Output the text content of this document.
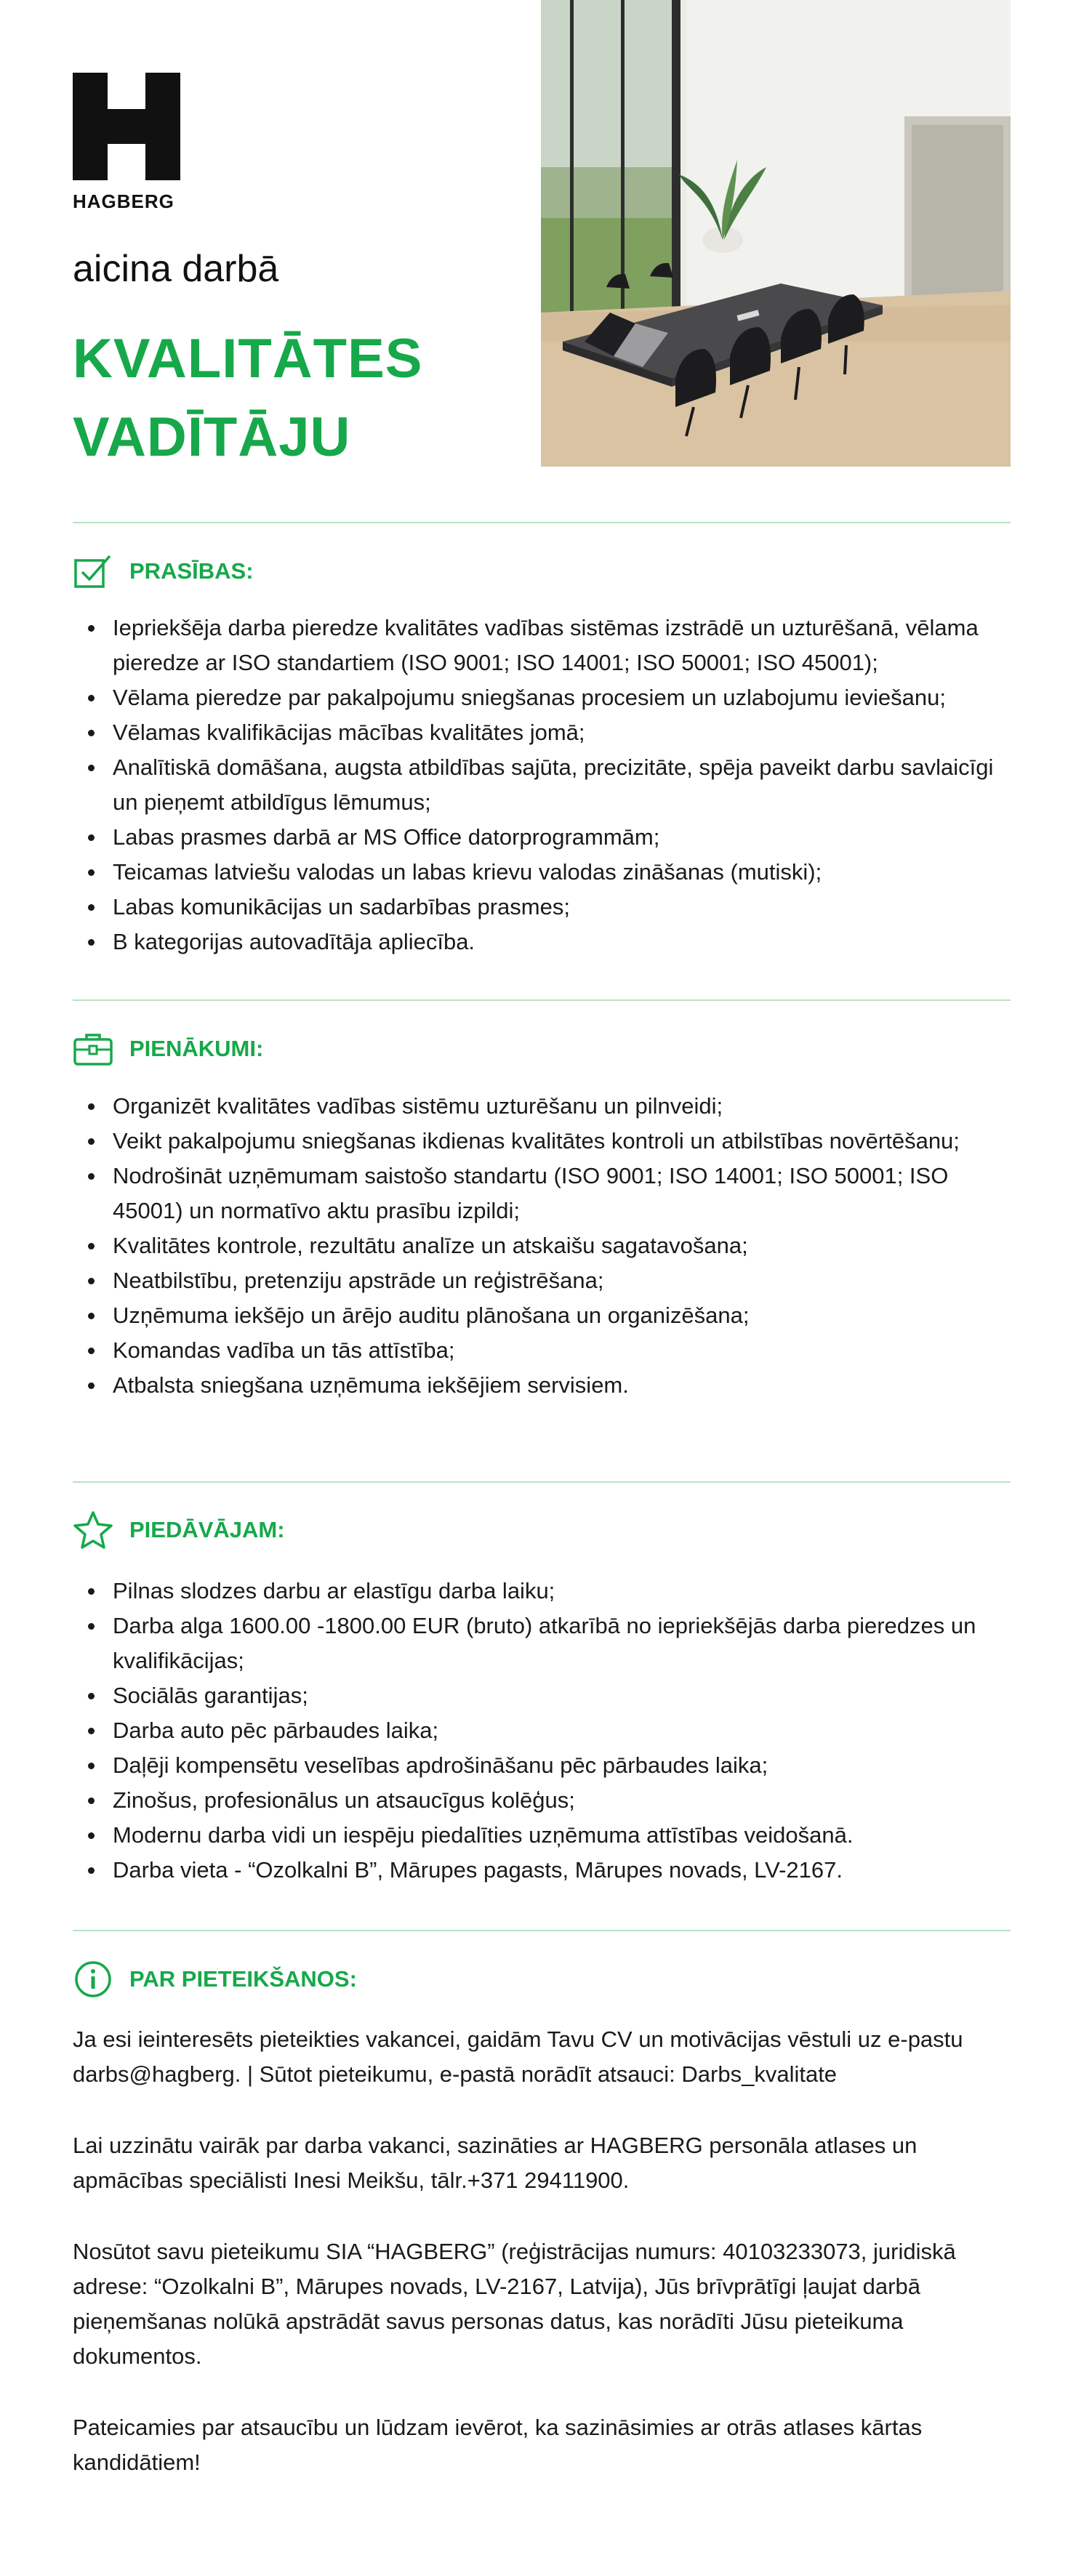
HAGBERG
aicina darbā
KVALITĀTES
VADĪTĀJU
PRASĪBAS:
Iepriekšēja darba pieredze kvalitātes vadības sistēmas izstrādē un uzturēšanā, vēlama pieredze ar ISO standartiem (ISO 9001; ISO 14001; ISO 50001; ISO 45001);
Vēlama pieredze par pakalpojumu sniegšanas procesiem un uzlabojumu ieviešanu;
Vēlamas kvalifikācijas mācības kvalitātes jomā;
Analītiskā domāšana, augsta atbildības sajūta, precizitāte, spēja paveikt darbu savlaicīgi un pieņemt atbildīgus lēmumus;
Labas prasmes darbā ar MS Office datorprogrammām;
Teicamas latviešu valodas un labas krievu valodas zināšanas (mutiski);
Labas komunikācijas un sadarbības prasmes;
B kategorijas autovadītāja apliecība.
PIENĀKUMI:
Organizēt kvalitātes vadības sistēmu uzturēšanu un pilnveidi;
Veikt pakalpojumu sniegšanas ikdienas kvalitātes kontroli un atbilstības novērtēšanu;
Nodrošināt uzņēmumam saistošo standartu (ISO 9001; ISO 14001; ISO 50001; ISO 45001) un normatīvo aktu prasību izpildi;
Kvalitātes kontrole, rezultātu analīze un atskaišu sagatavošana;
Neatbilstību, pretenziju apstrāde un reģistrēšana;
Uzņēmuma iekšējo un ārējo auditu plānošana un organizēšana;
Komandas vadība un tās attīstība;
Atbalsta sniegšana uzņēmuma iekšējiem servisiem.
PIEDĀVĀJAM:
Pilnas slodzes darbu ar elastīgu darba laiku;
Darba alga 1600.00 -1800.00 EUR (bruto) atkarībā no iepriekšējās darba pieredzes un kvalifikācijas;
Sociālās garantijas;
Darba auto pēc pārbaudes laika;
Daļēji kompensētu veselības apdrošināšanu pēc pārbaudes laika;
Zinošus, profesionālus un atsaucīgus kolēģus;
Modernu darba vidi un iespēju piedalīties uzņēmuma attīstības veidošanā.
Darba vieta - “Ozolkalni B”, Mārupes pagasts, Mārupes novads, LV-2167.
PAR PIETEIKŠANOS:
Ja esi ieinteresēts pieteikties vakancei, gaidām Tavu CV un motivācijas vēstuli uz e-pastu darbs@hagberg. | Sūtot pieteikumu, e-pastā norādīt atsauci: Darbs_kvalitate
Lai uzzinātu vairāk par darba vakanci, sazināties ar HAGBERG personāla atlases un apmācības speciālisti Inesi Meikšu, tālr.+371 29411900.
Nosūtot savu pieteikumu SIA “HAGBERG” (reģistrācijas numurs: 40103233073, juridiskā adrese: “Ozolkalni B”, Mārupes novads, LV-2167, Latvija), Jūs brīvprātīgi ļaujat darbā pieņemšanas nolūkā apstrādāt savus personas datus, kas norādīti Jūsu pieteikuma dokumentos.
Pateicamies par atsaucību un lūdzam ievērot, ka sazināsimies ar otrās atlases kārtas kandidātiem!
